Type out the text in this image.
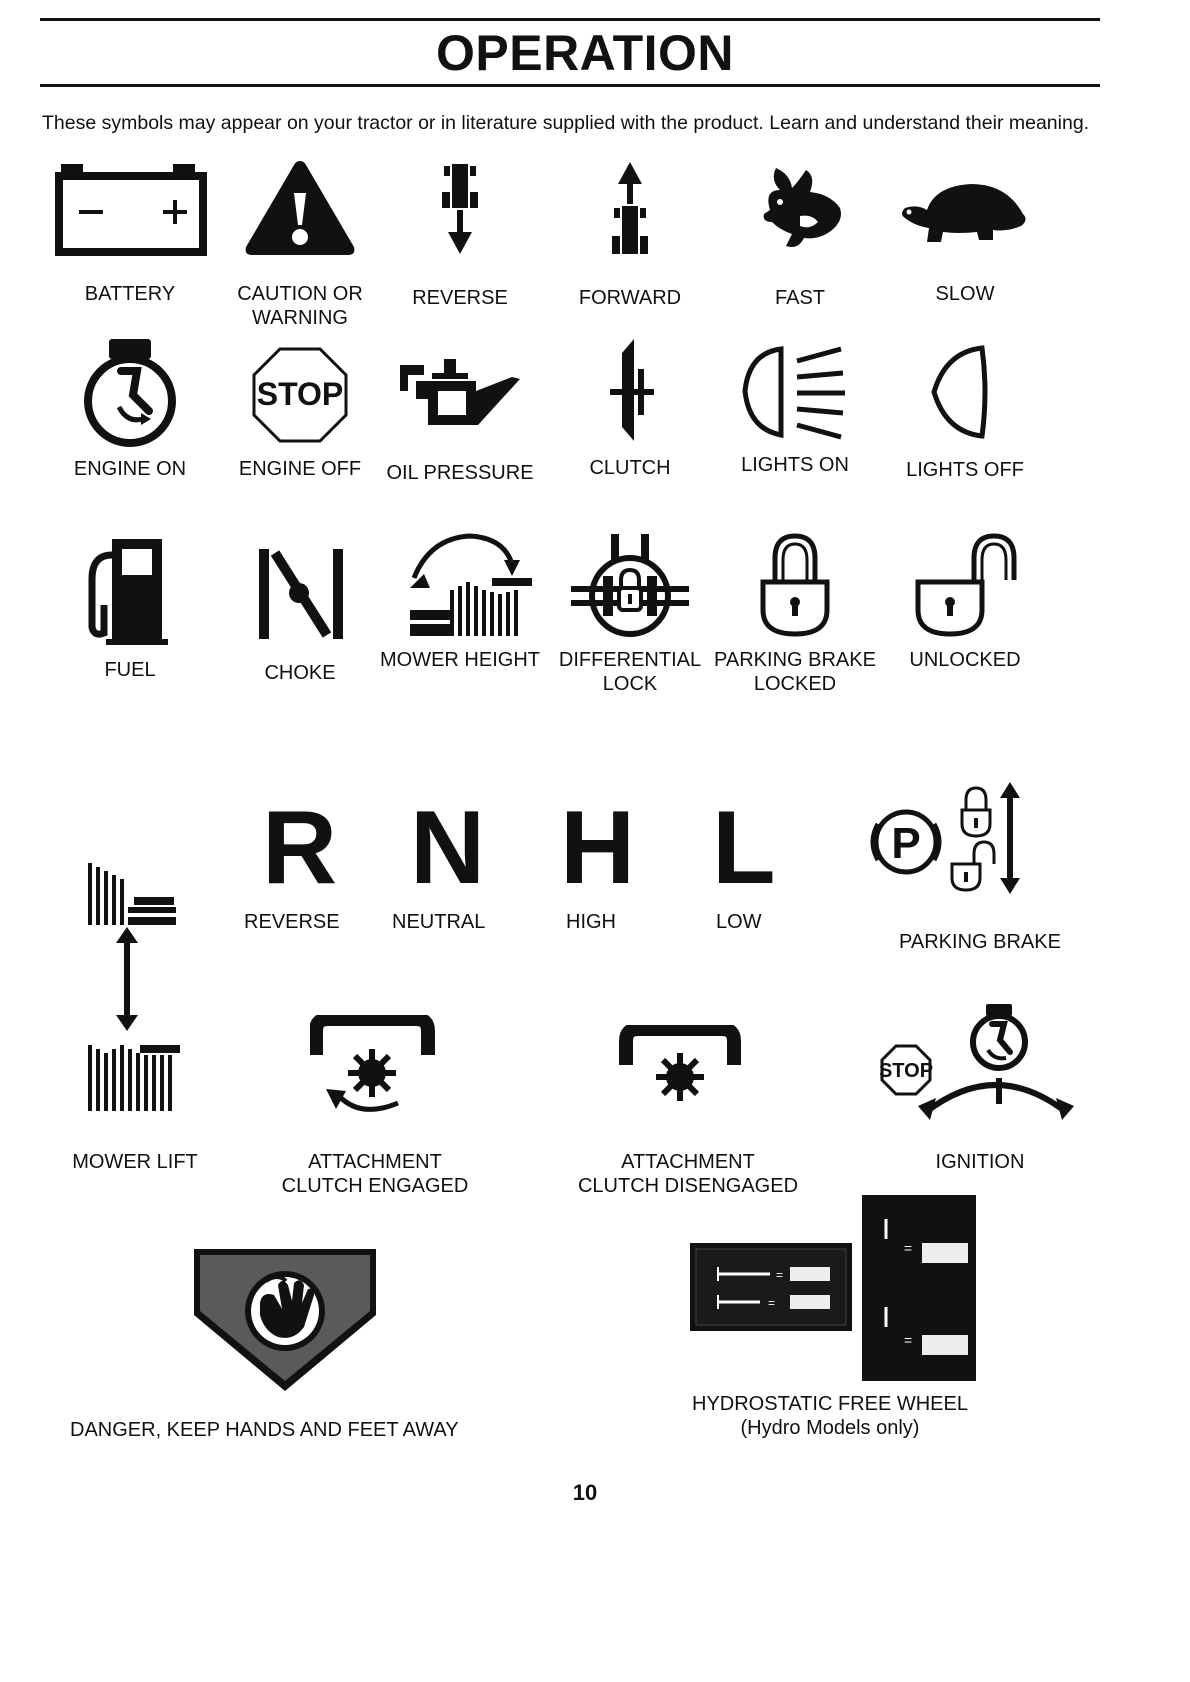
OPERATION
These symbols may appear on your tractor or in literature supplied with the product. Learn and understand their meaning.
BATTERY	CAUTION OR
WARNING
REVERSE	FORWARD	FAST	SLOW
ENGINE ON
STOP
ENGINE OFF	OIL PRESSURE	CLUTCH	LIGHTS ON	LIGHTS OFF
FUEL	CHOKE
MOWER HEIGHT DIFFERENTIAL
LOCK
PARKING BRAKE
LOCKED
UNLOCKED
R
REVERSE
N
NEUTRAL
H
HIGH
L
LOW
P
PARKING BRAKE
MOWER LIFT	ATTACHMENT
CLUTCH ENGAGED
ATTACHMENT
CLUTCH DISENGAGED
STOP
IGNITION
DANGER, KEEP HANDS AND FEET AWAY
=
=
=
=
HYDROSTATIC FREE WHEEL
(Hydro Models only)
10
